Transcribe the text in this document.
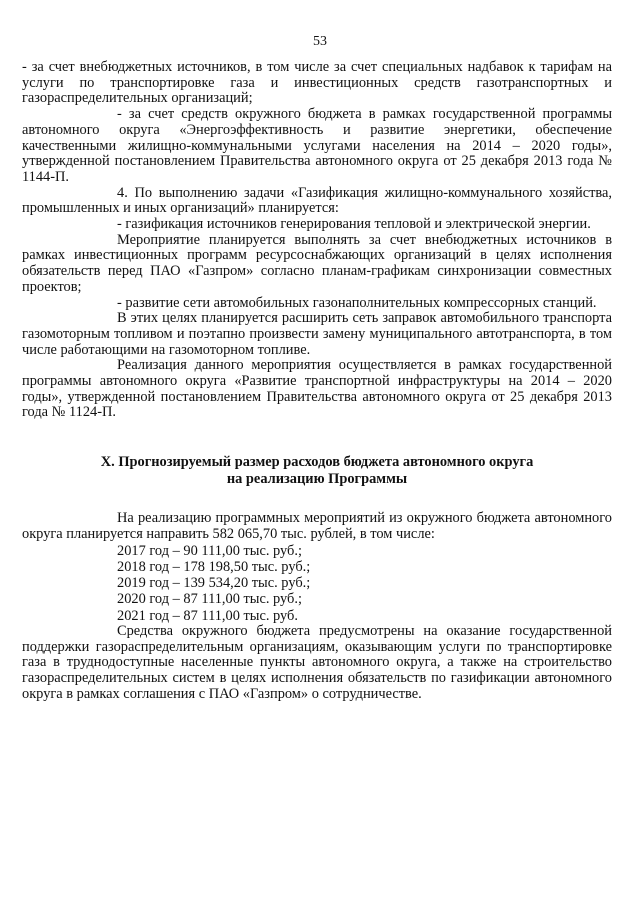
53

- за счет внебюджетных источников, в том числе за счет специальных надбавок к тарифам на услуги по транспортировке газа и инвестиционных средств газотранспортных и газораспределительных организаций;

- за счет средств окружного бюджета в рамках государственной программы автономного округа «Энергоэффективность и развитие энергетики, обеспечение качественными жилищно-коммунальными услугами населения на 2014 – 2020 годы», утвержденной постановлением Правительства автономного округа от 25 декабря 2013 года № 1144-П.

4. По выполнению задачи «Газификация жилищно-коммунального хозяйства, промышленных и иных организаций» планируется:

- газификация источников генерирования тепловой и электрической энергии.

Мероприятие планируется выполнять за счет внебюджетных источников в рамках инвестиционных программ ресурсоснабжающих организаций в целях исполнения обязательств перед ПАО «Газпром» согласно планам-графикам синхронизации совместных проектов;

- развитие сети автомобильных газонаполнительных компрессорных станций.

В этих целях планируется расширить сеть заправок автомобильного транспорта газомоторным топливом и поэтапно произвести замену муниципального автотранспорта, в том числе работающими на газомоторном топливе.

Реализация данного мероприятия осуществляется в рамках государственной программы автономного округа «Развитие транспортной инфраструктуры на 2014 – 2020 годы», утвержденной постановлением Правительства автономного округа от 25 декабря 2013 года № 1124-П.

X. Прогнозируемый размер расходов бюджета автономного округа
на реализацию Программы

На реализацию программных мероприятий из окружного бюджета автономного округа планируется направить 582 065,70 тыс. рублей, в том числе:

2017 год – 90 111,00 тыс. руб.;
2018 год – 178 198,50 тыс. руб.;
2019 год – 139 534,20 тыс. руб.;
2020 год – 87 111,00 тыс. руб.;
2021 год – 87 111,00 тыс. руб.

Средства окружного бюджета предусмотрены на оказание государственной поддержки газораспределительным организациям, оказывающим услуги по транспортировке газа в труднодоступные населенные пункты автономного округа, а также на строительство газораспределительных систем в целях исполнения обязательств по газификации автономного округа в рамках соглашения с ПАО «Газпром» о сотрудничестве.
